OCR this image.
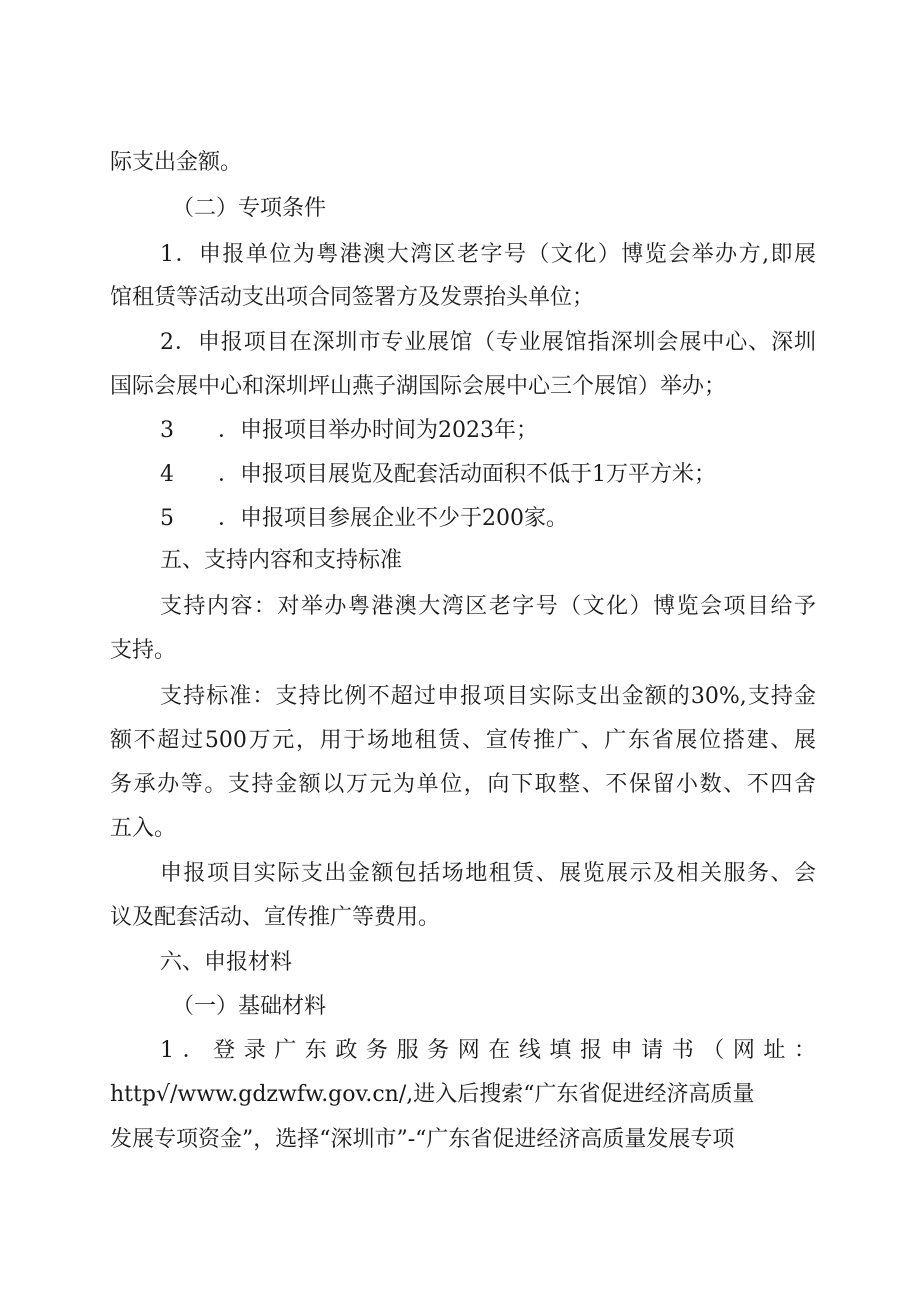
际支出金额。
（二）专项条件
1．申报单位为粤港澳大湾区老字号（文化）博览会举办方,即展
馆租赁等活动支出项合同签署方及发票抬头单位；
2．申报项目在深圳市专业展馆（专业展馆指深圳会展中心、深圳
国际会展中心和深圳坪山燕子湖国际会展中心三个展馆）举办；
3 ．申报项目举办时间为2023年；
4 ．申报项目展览及配套活动面积不低于1万平方米；
5 ．申报项目参展企业不少于200家。
五、支持内容和支持标准
支持内容：对举办粤港澳大湾区老字号（文化）博览会项目给予
支持。
支持标准：支持比例不超过申报项目实际支出金额的30%,支持金
额不超过500万元，用于场地租赁、宣传推广、广东省展位搭建、展
务承办等。支持金额以万元为单位，向下取整、不保留小数、不四舍
五入。
申报项目实际支出金额包括场地租赁、展览展示及相关服务、会
议及配套活动、宣传推广等费用。
六、申报材料
（一）基础材料
1．登录广东政务服务网在线填报申请书（网址：
http√/www.gdzwfw.gov.cn/,进入后搜索“广东省促进经济高质量
发展专项资金”，选择“深圳市”-“广东省促进经济高质量发展专项
